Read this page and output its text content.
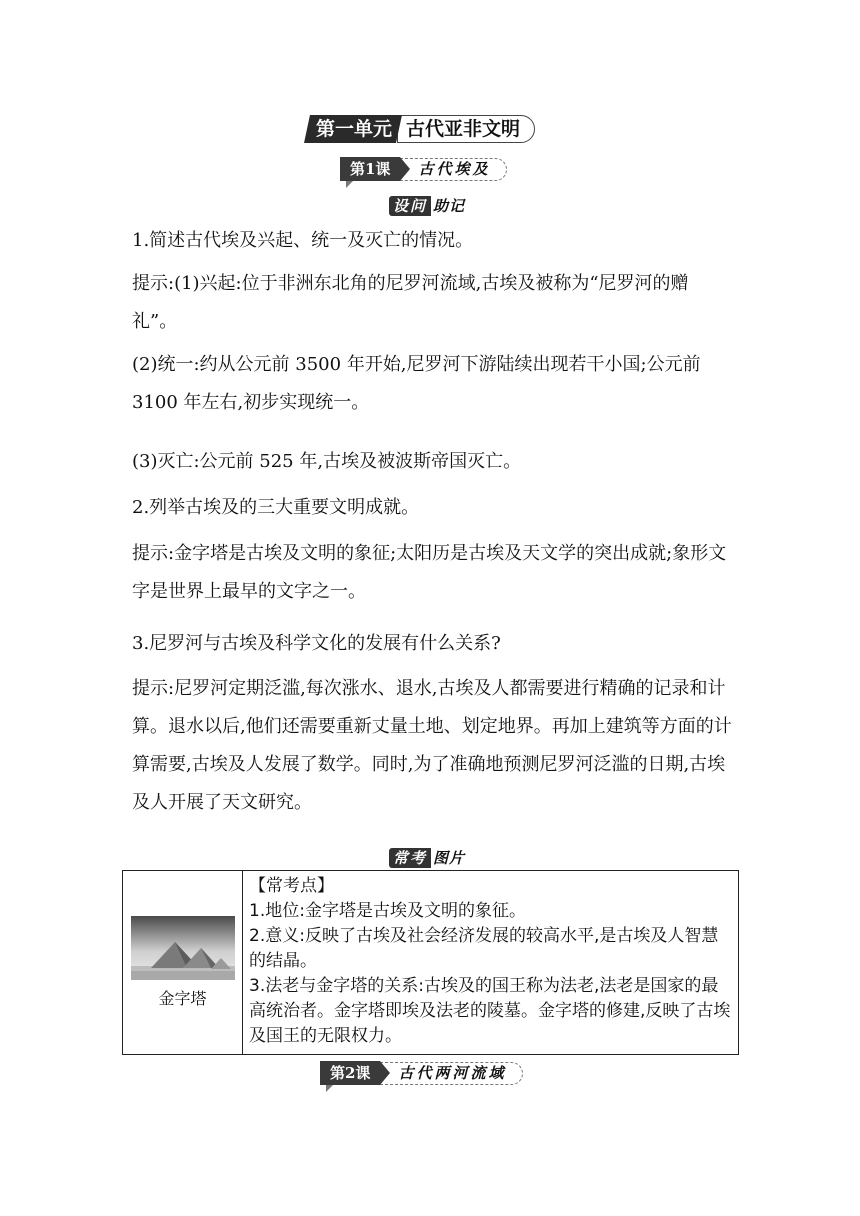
第一单元 古代亚非文明
第1课	古代埃及
设问 助记

1.简述古代埃及兴起、统一及灭亡的情况。

提示:(1)兴起:位于非洲东北角的尼罗河流域,古埃及被称为“尼罗河的赠礼”。

(2)统一:约从公元前 3500 年开始,尼罗河下游陆续出现若干小国;公元前 3100 年左右,初步实现统一。

(3)灭亡:公元前 525 年,古埃及被波斯帝国灭亡。

2.列举古埃及的三大重要文明成就。

提示:金字塔是古埃及文明的象征;太阳历是古埃及天文学的突出成就;象形文字是世界上最早的文字之一。

3.尼罗河与古埃及科学文化的发展有什么关系?

提示:尼罗河定期泛滥,每次涨水、退水,古埃及人都需要进行精确的记录和计算。退水以后,他们还需要重新丈量土地、划定地界。再加上建筑等方面的计算需要,古埃及人发展了数学。同时,为了准确地预测尼罗河泛滥的日期,古埃及人开展了天文研究。

常考 图片
金字塔

【常考点】

1.地位:金字塔是古埃及文明的象征。

2.意义:反映了古埃及社会经济发展的较高水平,是古埃及人智慧的结晶。

3.法老与金字塔的关系:古埃及的国王称为法老,法老是国家的最高统治者。金字塔即埃及法老的陵墓。金字塔的修建,反映了古埃及国王的无限权力。

第2课	古代两河流域
